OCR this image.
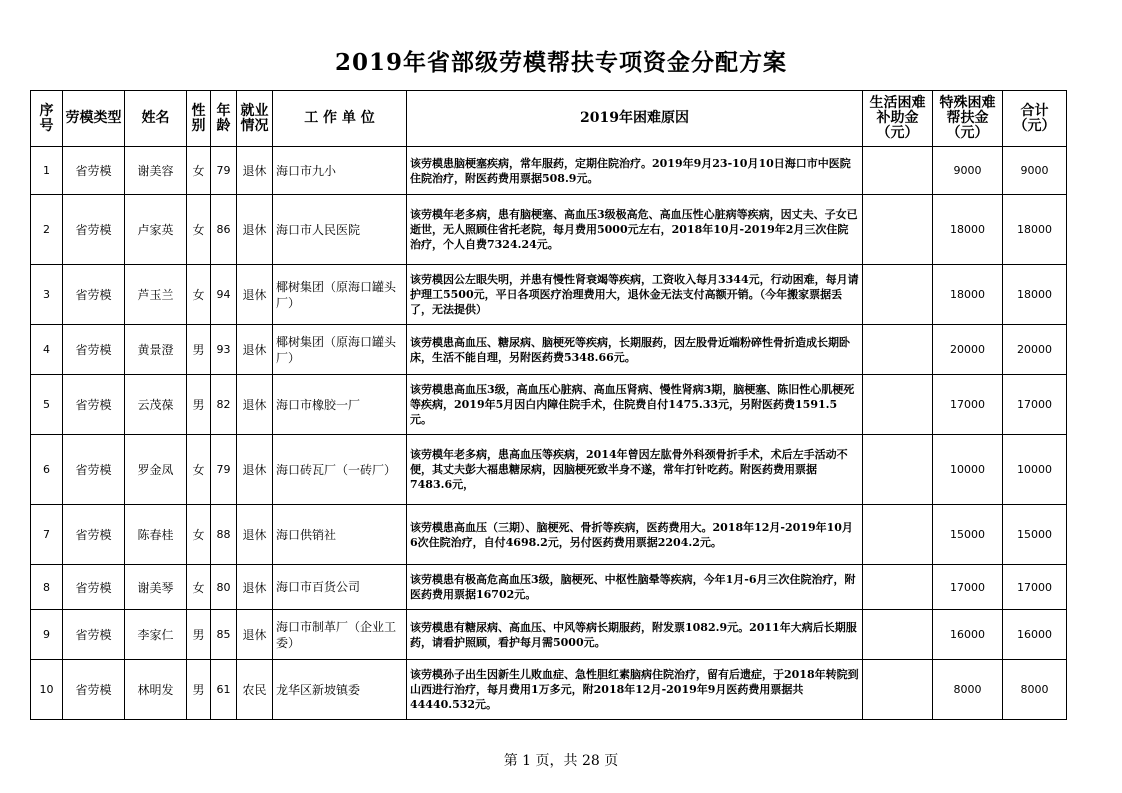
2019年省部级劳模帮扶专项资金分配方案
序号	劳模类型	姓名	性别	年龄	就业情况	工 作 单 位	2019年困难原因	生活困难补助金（元）	特殊困难帮扶金（元）	合计（元）

1	省劳模	谢美容	女	79	退休	海口市九小	该劳模患脑梗塞疾病，常年服药，定期住院治疗。2019年9月23-10月10日海口市中医院住院治疗，附医药费用票据508.9元。		9000	9000
2	省劳模	卢家英	女	86	退休	海口市人民医院	该劳模年老多病，患有脑梗塞、高血压3级极高危、高血压性心脏病等疾病，因丈夫、子女已逝世，无人照顾住省托老院，每月费用5000元左右，2018年10月-2019年2月三次住院治疗，个人自费7324.24元。		18000	18000
3	省劳模	芦玉兰	女	94	退休	椰树集团（原海口罐头厂）	该劳模因公左眼失明，并患有慢性肾衰竭等疾病，工资收入每月3344元，行动困难，每月请护理工5500元，平日各项医疗治理费用大，退休金无法支付高额开销。（今年搬家票据丢了，无法提供）		18000	18000
4	省劳模	黄景澄	男	93	退休	椰树集团（原海口罐头厂）	该劳模患高血压、糖尿病、脑梗死等疾病，长期服药，因左股骨近端粉碎性骨折造成长期卧床，生活不能自理，另附医药费5348.66元。		20000	20000
5	省劳模	云茂葆	男	82	退休	海口市橡胶一厂	该劳模患高血压3级，高血压心脏病、高血压肾病、慢性肾病3期，脑梗塞、陈旧性心肌梗死等疾病，2019年5月因白内障住院手术，住院费自付1475.33元，另附医药费1591.5元。		17000	17000
6	省劳模	罗金凤	女	79	退休	海口砖瓦厂（一砖厂）	该劳模年老多病，患高血压等疾病，2014年曾因左肱骨外科颈骨折手术，术后左手活动不便，其丈夫彭大福患糖尿病，因脑梗死致半身不遂，常年打针吃药。附医药费用票据7483.6元，		10000	10000
7	省劳模	陈春桂	女	88	退休	海口供销社	该劳模患高血压（三期）、脑梗死、骨折等疾病，医药费用大。2018年12月-2019年10月6次住院治疗，自付4698.2元，另付医药费用票据2204.2元。		15000	15000
8	省劳模	谢美琴	女	80	退休	海口市百货公司	该劳模患有极高危高血压3级，脑梗死、中枢性脑晕等疾病，今年1月-6月三次住院治疗，附医药费用票据16702元。		17000	17000
9	省劳模	李家仁	男	85	退休	海口市制革厂（企业工委）	该劳模患有糖尿病、高血压、中风等病长期服药，附发票1082.9元。2011年大病后长期服药，请看护照顾，看护每月需5000元。		16000	16000
10	省劳模	林明发	男	61	农民	龙华区新坡镇委	该劳模孙子出生因新生儿败血症、急性胆红素脑病住院治疗，留有后遗症，于2018年转院到山西进行治疗，每月费用1万多元，附2018年12月-2019年9月医药费用票据共44440.532元。		8000	8000
第 1 页，共 28 页
